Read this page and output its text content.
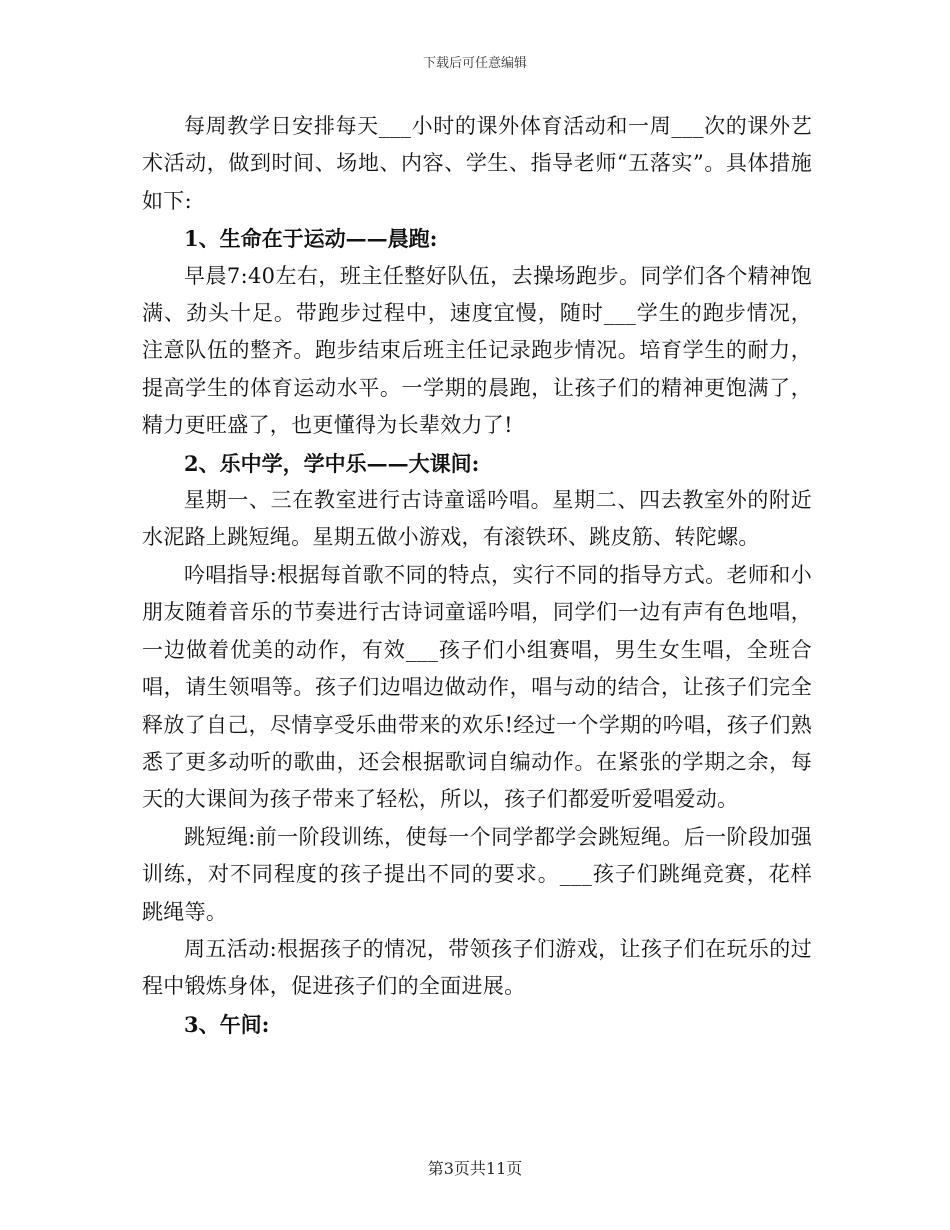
下载后可任意编辑

每周教学日安排每天___小时的课外体育活动和一周___次的课外艺术活动，做到时间、场地、内容、学生、指导老师“五落实”。具体措施如下:

1、生命在于运动——晨跑:

早晨7:40左右，班主任整好队伍，去操场跑步。同学们各个精神饱满、劲头十足。带跑步过程中，速度宜慢，随时___学生的跑步情况，注意队伍的整齐。跑步结束后班主任记录跑步情况。培育学生的耐力，提高学生的体育运动水平。一学期的晨跑，让孩子们的精神更饱满了，精力更旺盛了，也更懂得为长辈效力了!

2、乐中学，学中乐——大课间:

星期一、三在教室进行古诗童谣吟唱。星期二、四去教室外的附近水泥路上跳短绳。星期五做小游戏，有滚铁环、跳皮筋、转陀螺。

吟唱指导:根据每首歌不同的特点，实行不同的指导方式。老师和小朋友随着音乐的节奏进行古诗词童谣吟唱，同学们一边有声有色地唱，一边做着优美的动作，有效___孩子们小组赛唱，男生女生唱，全班合唱，请生领唱等。孩子们边唱边做动作，唱与动的结合，让孩子们完全释放了自己，尽情享受乐曲带来的欢乐!经过一个学期的吟唱，孩子们熟悉了更多动听的歌曲，还会根据歌词自编动作。在紧张的学期之余，每天的大课间为孩子带来了轻松，所以，孩子们都爱听爱唱爱动。

跳短绳:前一阶段训练，使每一个同学都学会跳短绳。后一阶段加强训练，对不同程度的孩子提出不同的要求。___孩子们跳绳竞赛，花样跳绳等。

周五活动:根据孩子的情况，带领孩子们游戏，让孩子们在玩乐的过程中锻炼身体，促进孩子们的全面进展。

3、午间:

第3页共11页
